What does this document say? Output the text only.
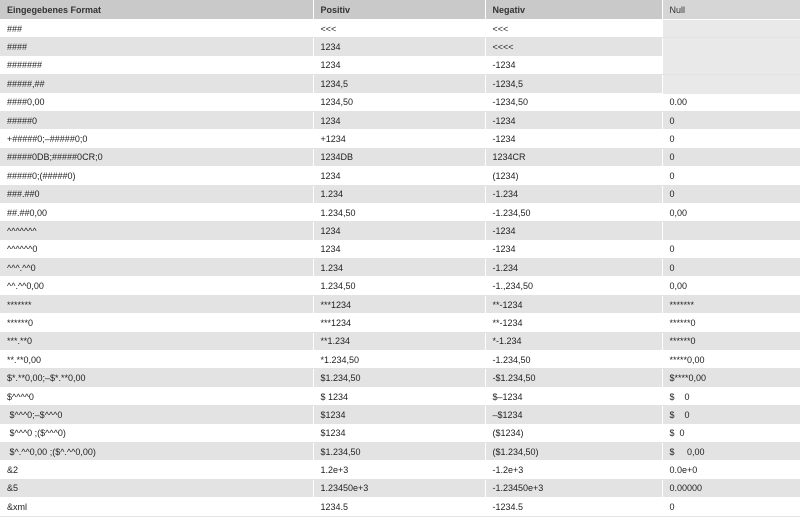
Eingegebenes Format	Positiv	Negativ	Null
###	<<<	<<<	
####	1234	<<<<	
#######	1234	-1234	
#####,##	1234,5	-1234,5	
####0,00	1234,50	-1234,50	0.00
#####0	1234	-1234	0
+#####0;–#####0;0	+1234	-1234	0
#####0DB;#####0CR;0	1234DB	1234CR	0
#####0;(#####0)	1234	(1234)	0
###.##0	1.234	-1.234	0
##.##0,00	1.234,50	-1.234,50	0,00
^^^^^^^	1234	-1234	
^^^^^^0	1234	-1234	0
^^^.^^0	1.234	-1.234	0
^^.^^0,00	1.234,50	-1.,234,50	0,00
*******	***1234	**-1234	*******
******0	***1234	**-1234	******0
***.**0	**1.234	*-1.234	******0
**.**0,00	*1.234,50	-1.234,50	*****0,00
$*.**0,00;–$*.**0,00	$1.234,50	-$1.234,50	$****0,00
$^^^^0	$ 1234	$–1234	$    0
$^^^0;–$^^^0	$1234	–$1234	$    0
$^^^0 ;($^^^0)	$1234	($1234)	$  0
$^.^^0,00 ;($^.^^0,00)	$1.234,50	($1.234,50)	$     0,00
&2	1.2e+3	-1.2e+3	0.0e+0
&5	1.23450e+3	-1.23450e+3	0.00000
&xml	1234.5	-1234.5	0
